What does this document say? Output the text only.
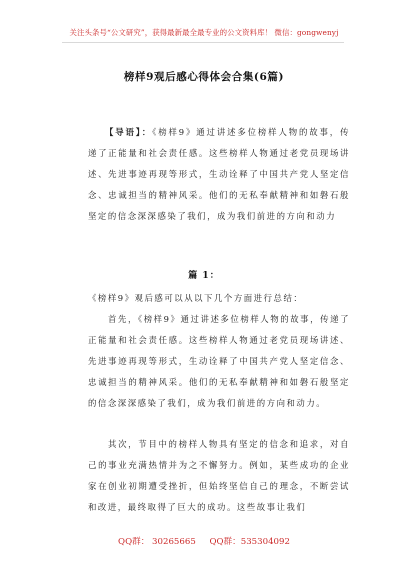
关注头条号“公文研究”，获得最新最全最专业的公文资料库！ 微信：gongwenyj
榜样9观后感心得体会合集(6篇)
【导语】：《榜样9》通过讲述多位榜样人物的故事，传递了正能量和社会责任感。这些榜样人物通过老党员现场讲述、先进事迹再现等形式，生动诠释了中国共产党人坚定信念、忠诚担当的精神风采。他们的无私奉献精神和如磐石般坚定的信念深深感染了我们，成为我们前进的方向和动力
篇 1：
《榜样9》观后感可以从以下几个方面进行总结：
首先，《榜样9》通过讲述多位榜样人物的故事，传递了正能量和社会责任感。这些榜样人物通过老党员现场讲述、先进事迹再现等形式，生动诠释了中国共产党人坚定信念、忠诚担当的精神风采。他们的无私奉献精神和如磐石般坚定的信念深深感染了我们，成为我们前进的方向和动力。
其次，节目中的榜样人物具有坚定的信念和追求，对自己的事业充满热情并为之不懈努力。例如，某些成功的企业家在创业初期遭受挫折，但始终坚信自己的理念，不断尝试和改进，最终取得了巨大的成功。这些故事让我们
QQ群： 30265665     QQ群：535304092
